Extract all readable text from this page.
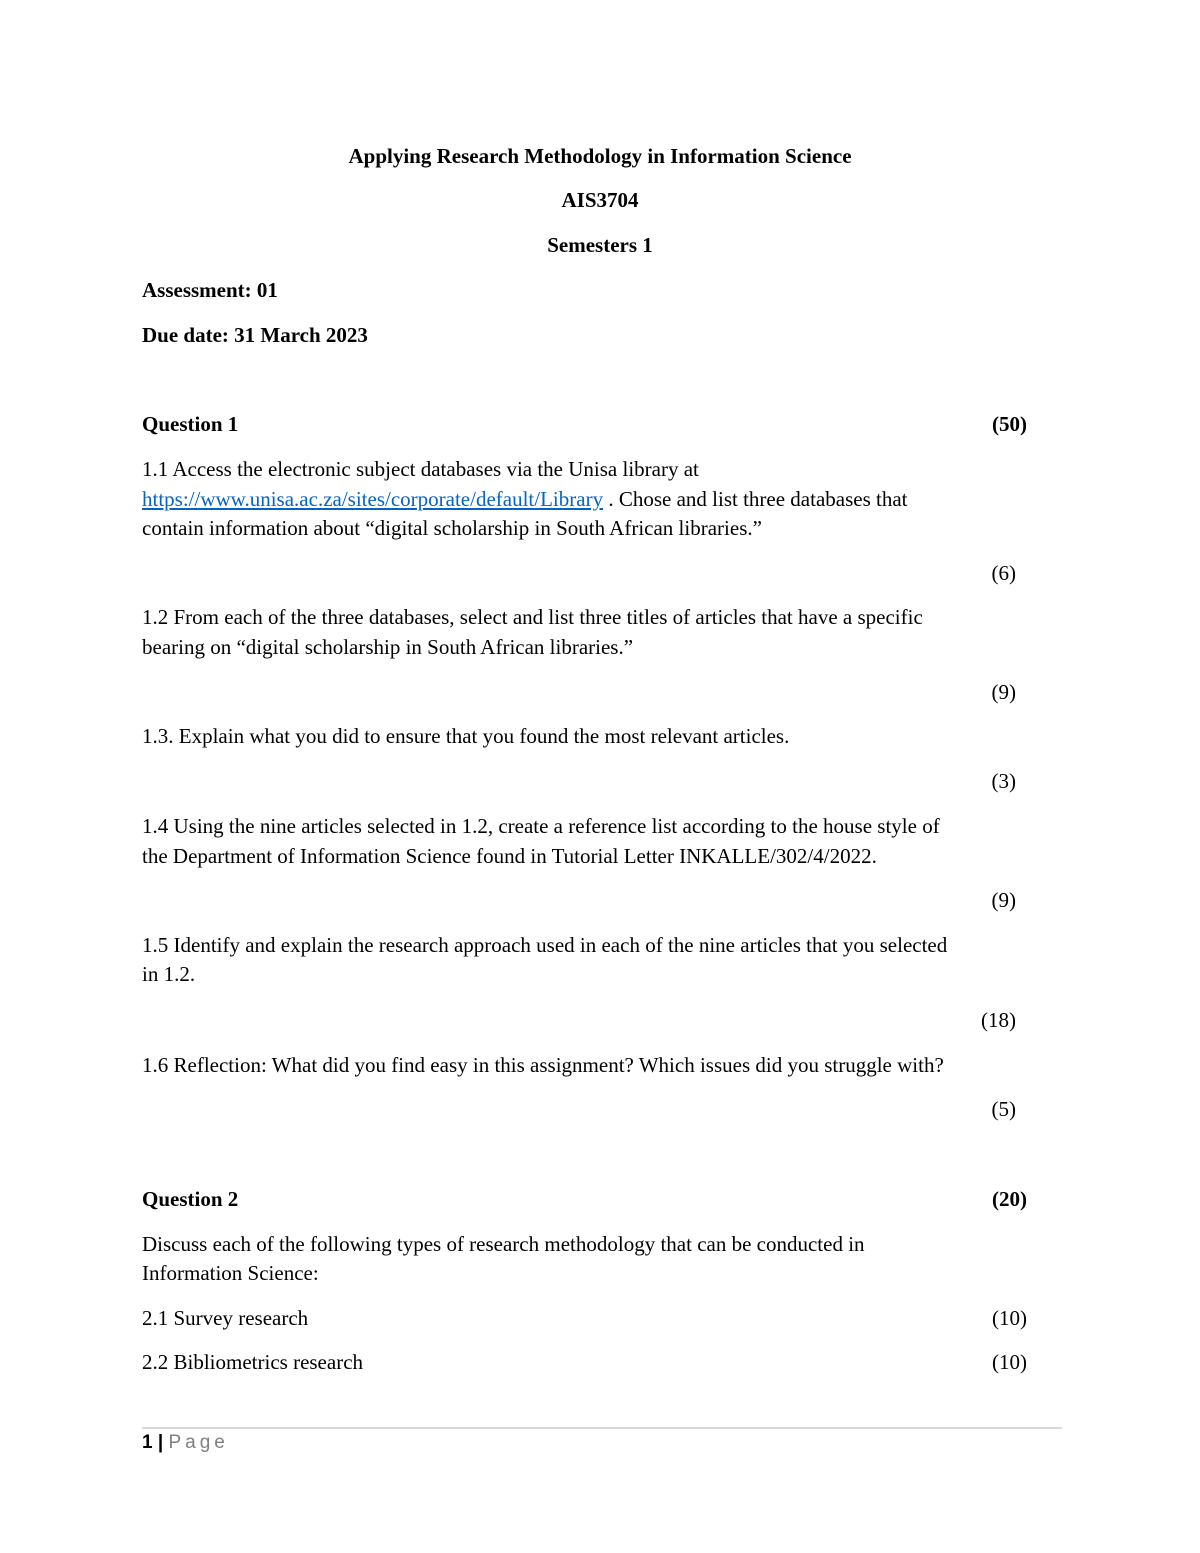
Applying Research Methodology in Information Science
AIS3704
Semesters 1
Assessment: 01
Due date: 31 March 2023
Question 1	(50)
1.1 Access the electronic subject databases via the Unisa library at
https://www.unisa.ac.za/sites/corporate/default/Library . Chose and list three databases that
contain information about “digital scholarship in South African libraries.”
(6)
1.2 From each of the three databases, select and list three titles of articles that have a specific
bearing on “digital scholarship in South African libraries.”
(9)
1.3. Explain what you did to ensure that you found the most relevant articles.
(3)
1.4 Using the nine articles selected in 1.2, create a reference list according to the house style of
the Department of Information Science found in Tutorial Letter INKALLE/302/4/2022.
(9)
1.5 Identify and explain the research approach used in each of the nine articles that you selected
in 1.2.
(18)
1.6 Reflection: What did you find easy in this assignment? Which issues did you struggle with?
(5)
Question 2	(20)
Discuss each of the following types of research methodology that can be conducted in
Information Science:
2.1 Survey research	(10)
2.2 Bibliometrics research	(10)
1 | Page
